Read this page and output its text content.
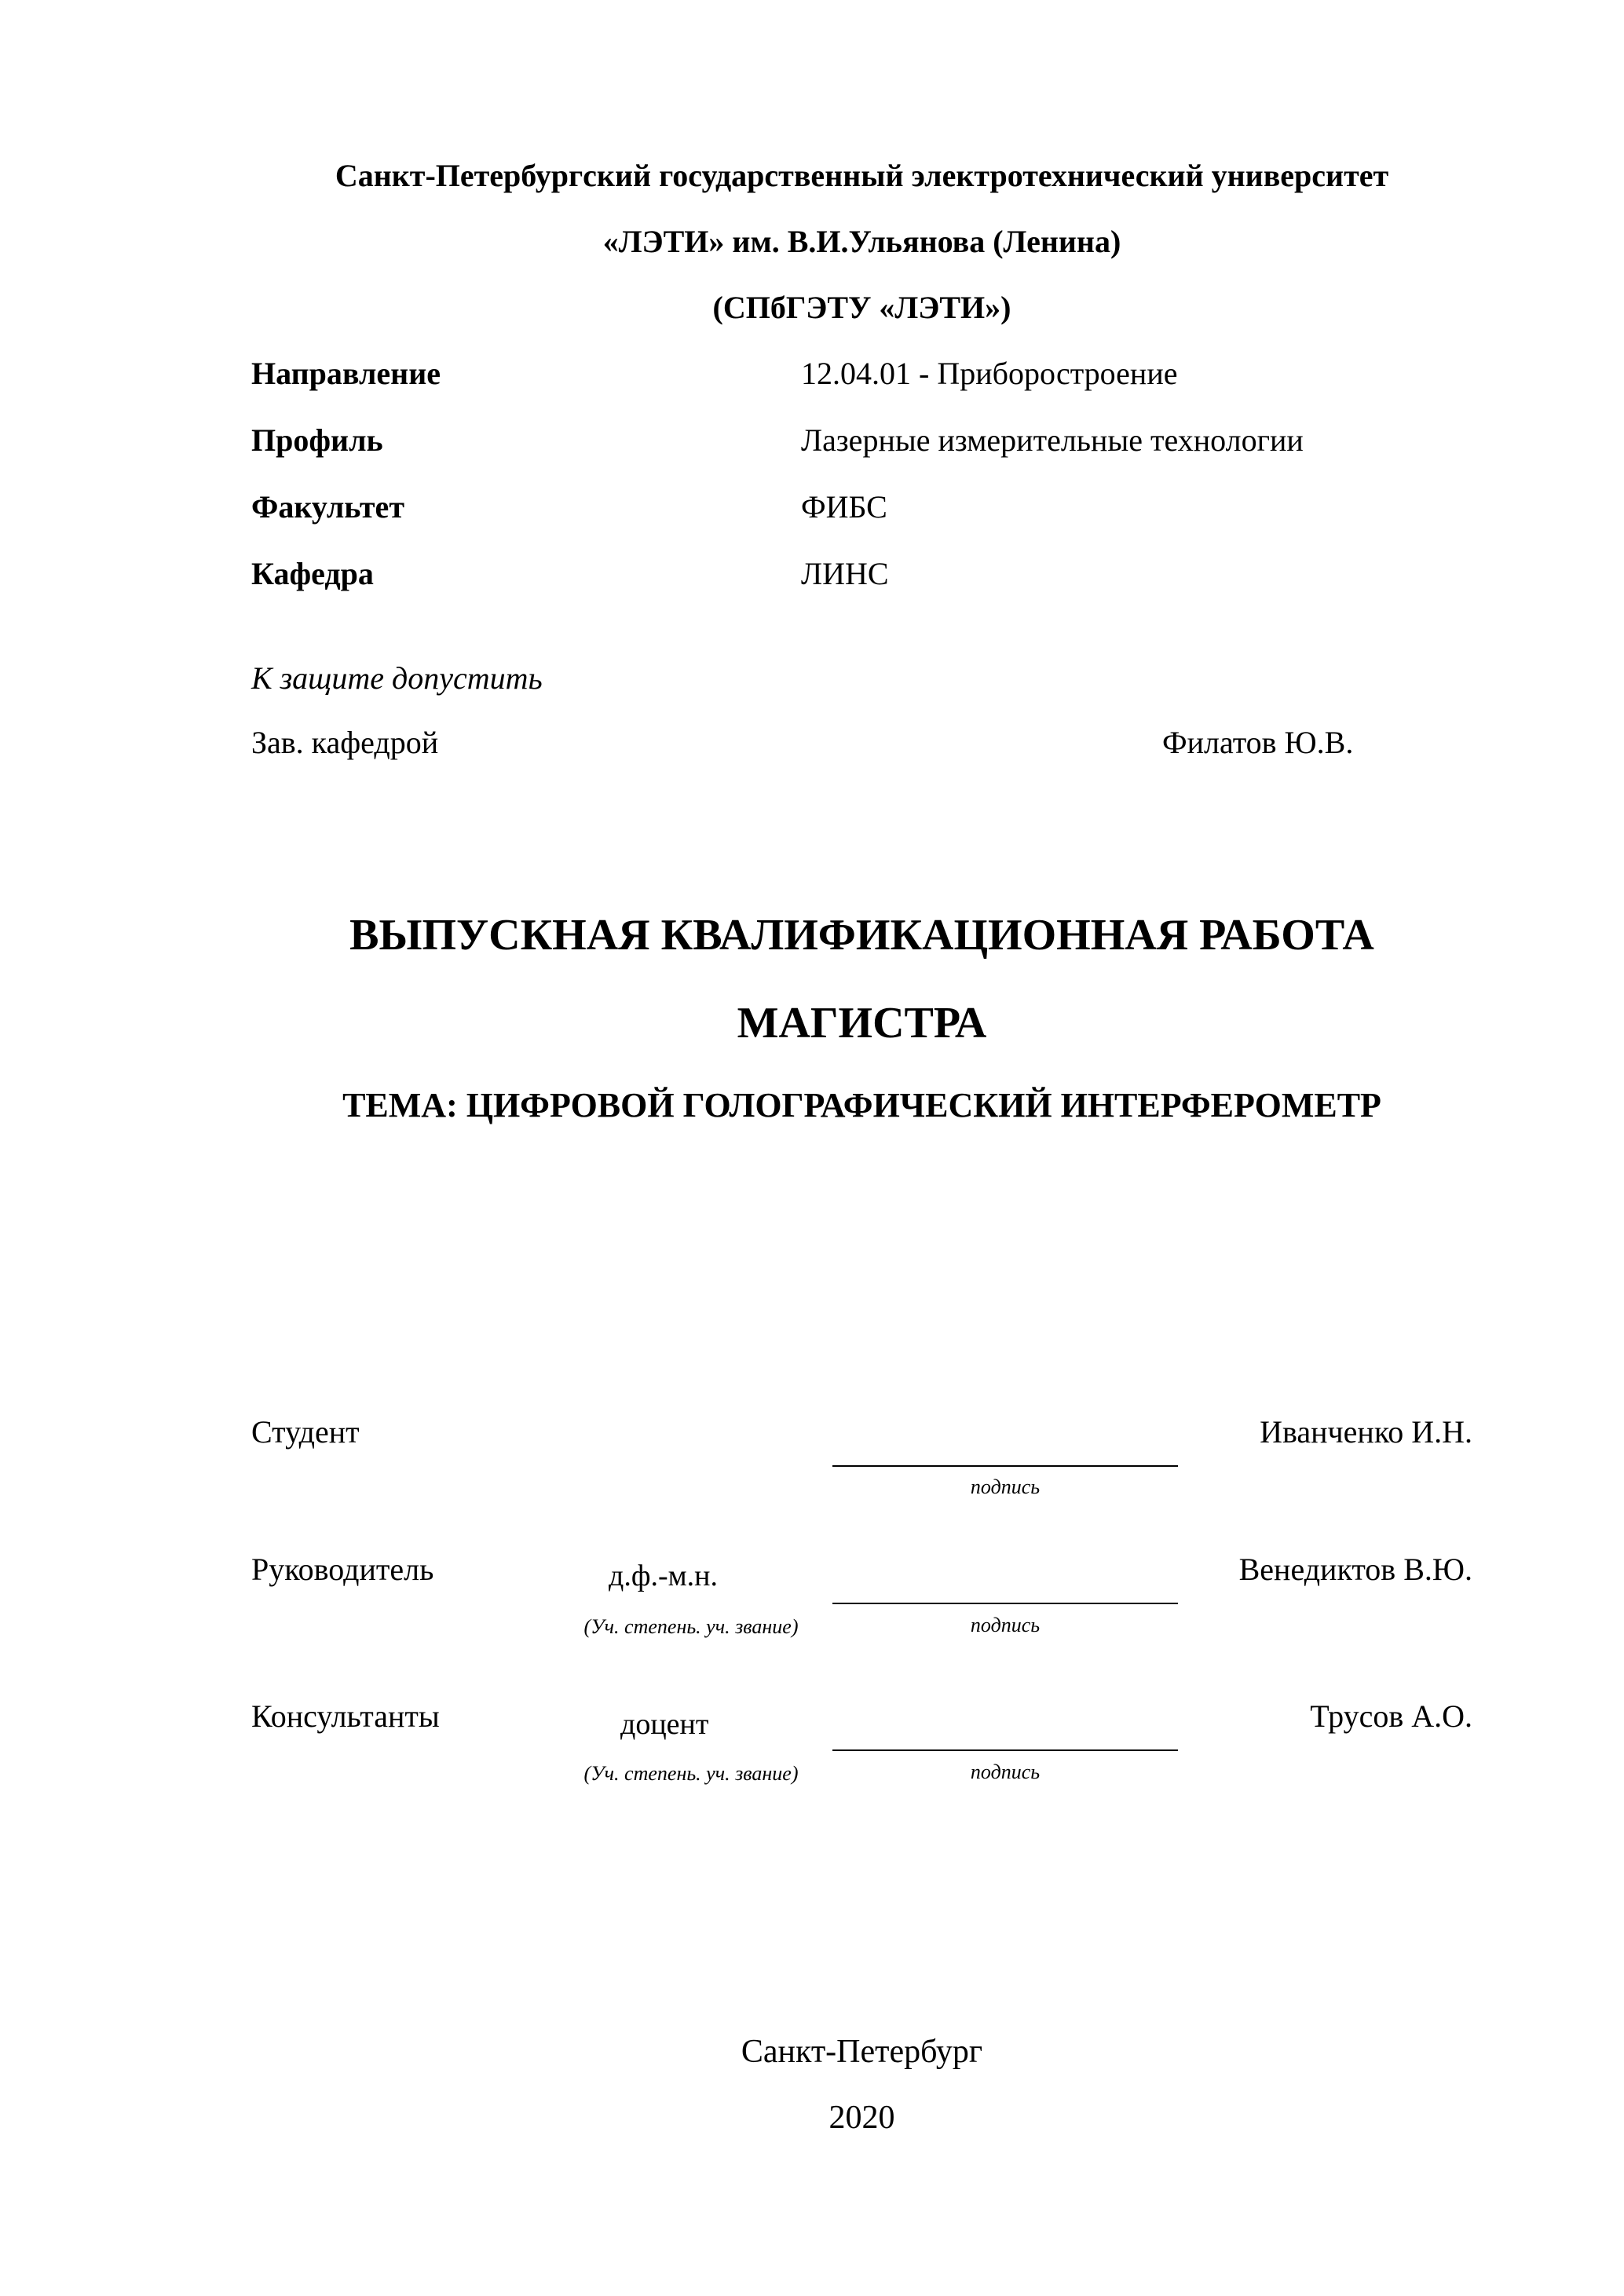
Санкт-Петербургский государственный электротехнический университет
«ЛЭТИ» им. В.И.Ульянова (Ленина)
(СПбГЭТУ «ЛЭТИ»)
Направление	12.04.01 - Приборостроение
Профиль	Лазерные измерительные технологии
Факультет	ФИБС
Кафедра	ЛИНС
К защите допустить
Зав. кафедрой	Филатов Ю.В.
ВЫПУСКНАЯ КВАЛИФИКАЦИОННАЯ РАБОТА
МАГИСТРА
ТЕМА: ЦИФРОВОЙ ГОЛОГРАФИЧЕСКИЙ ИНТЕРФЕРОМЕТР
Студент	Иванченко И.Н.
подпись
Руководитель	д.ф.-м.н.	Венедиктов В.Ю.
(Уч. степень. уч. звание)	подпись
Консультанты	доцент	Трусов А.О.
(Уч. степень. уч. звание)	подпись
Санкт-Петербург
2020
